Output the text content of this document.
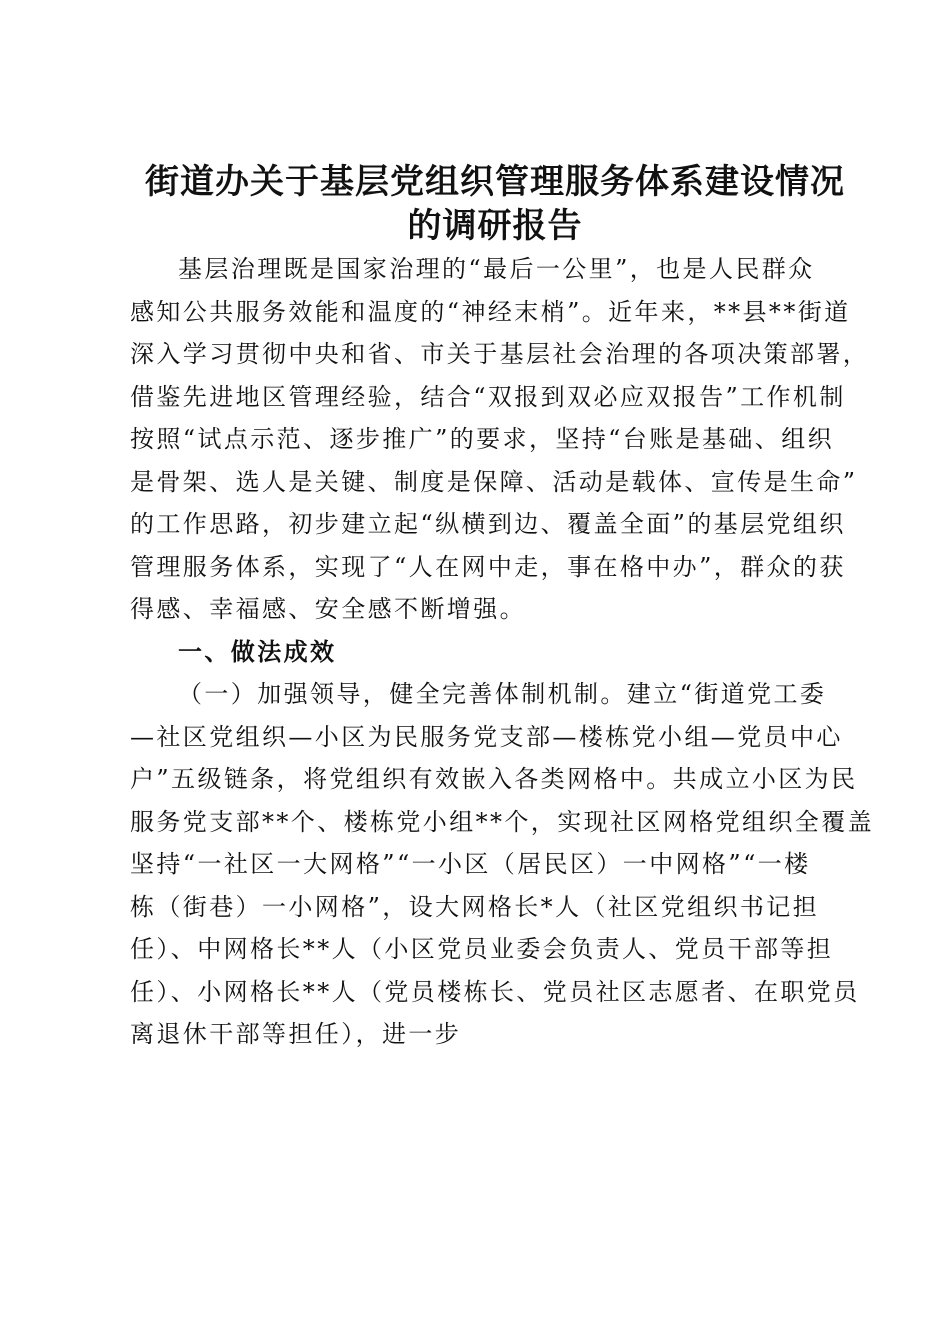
街道办关于基层党组织管理服务体系建设情况
的调研报告
基层治理既是国家治理的“最后一公里”，也是人民群众
感知公共服务效能和温度的“神经末梢”。近年来，**县**街道
深入学习贯彻中央和省、市关于基层社会治理的各项决策部署，
借鉴先进地区管理经验，结合“双报到双必应双报告”工作机制
按照“试点示范、逐步推广”的要求，坚持“台账是基础、组织
是骨架、选人是关键、制度是保障、活动是载体、宣传是生命”
的工作思路，初步建立起“纵横到边、覆盖全面”的基层党组织
管理服务体系，实现了“人在网中走，事在格中办”，群众的获
得感、幸福感、安全感不断增强。
一、做法成效
（一）加强领导，健全完善体制机制。建立“街道党工委
—社区党组织—小区为民服务党支部—楼栋党小组—党员中心
户”五级链条，将党组织有效嵌入各类网格中。共成立小区为民
服务党支部**个、楼栋党小组**个，实现社区网格党组织全覆盖
坚持“一社区一大网格”“一小区（居民区）一中网格”“一楼
栋（街巷）一小网格”，设大网格长*人（社区党组织书记担
任）、中网格长**人（小区党员业委会负责人、党员干部等担
任）、小网格长**人（党员楼栋长、党员社区志愿者、在职党员
离退休干部等担任），进一步
